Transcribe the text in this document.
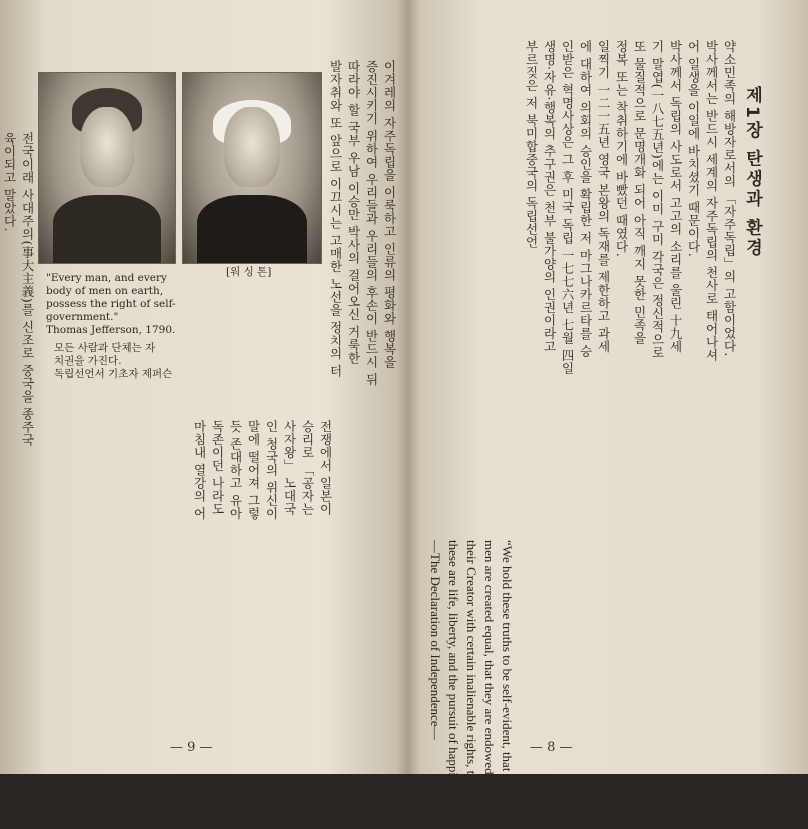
[워 싱 톤]
"Every man, and every
body of men on earth,
possess the right of self-
government."
Thomas Jefferson, 1790.
모든 사람과 단체는 자
치권을 가진다.
독립선언서 기초자 제퍼슨
육이되고 말았다. 전국이래 사대주의(事大主義)를 신조로 중국을 종주국
마침내 열강의 어 독존이던 나라도 듯 존대하고 유아 말에 떨어져 그렇 인 청국의 위신이 사자왕」 노대국 승리로 「공자는 전쟁에서 일본이
이겨레의 자주독립을 이룩하고 인류의 평화와 행복을
증진시키기 위하여 우리들과 우리들의 후손이 반드시 뒤
따라야 할 국부 우남 이승만 박사의 걸어오신 거룩한
발자취와 또 앞으로 이끄시는 고매한 노선을 정치의 터
— 9 —
제1장 탄생과 환경
약소민족의 해방자로서의 「자주독립」의 고함이었다.
박사께서는 반드시 세계의 자주독립의 천사로 태어나셔
어 일생을 이일에 바치셨기 때문이다.
박사께서 독립의 사도로서 고고의 소리를 울린 十九세
기 말엽(一八七五년)에는 이미 구미 각국은 정신적으로
또 물질적으로 문명개화 되어 아직 깨지 못한 민족을
정복 또는 착취하기에 바빴던 때였다.
일찍기 一二一五년 영국 본왕의 독재를 제한하고 과세
에 대하여 의회의 승인을 확립한 저 마그나카르타를 승
인받은 혁명사상은 그 후 미국 독립 一七七六년 七월 四일
생명·자유·행복의 추구권은 천부 불가양의 인권이라고
부르짖은 저 북미합중국의 독립선언
“We hold these truths to be self-evident, that all
men are created equal, that they are endowed by
their Creator with certain inalienable rights, that among
these are life, liberty, and the pursuit of happiness.”
—The Declaration of Independence—
— 8 —
